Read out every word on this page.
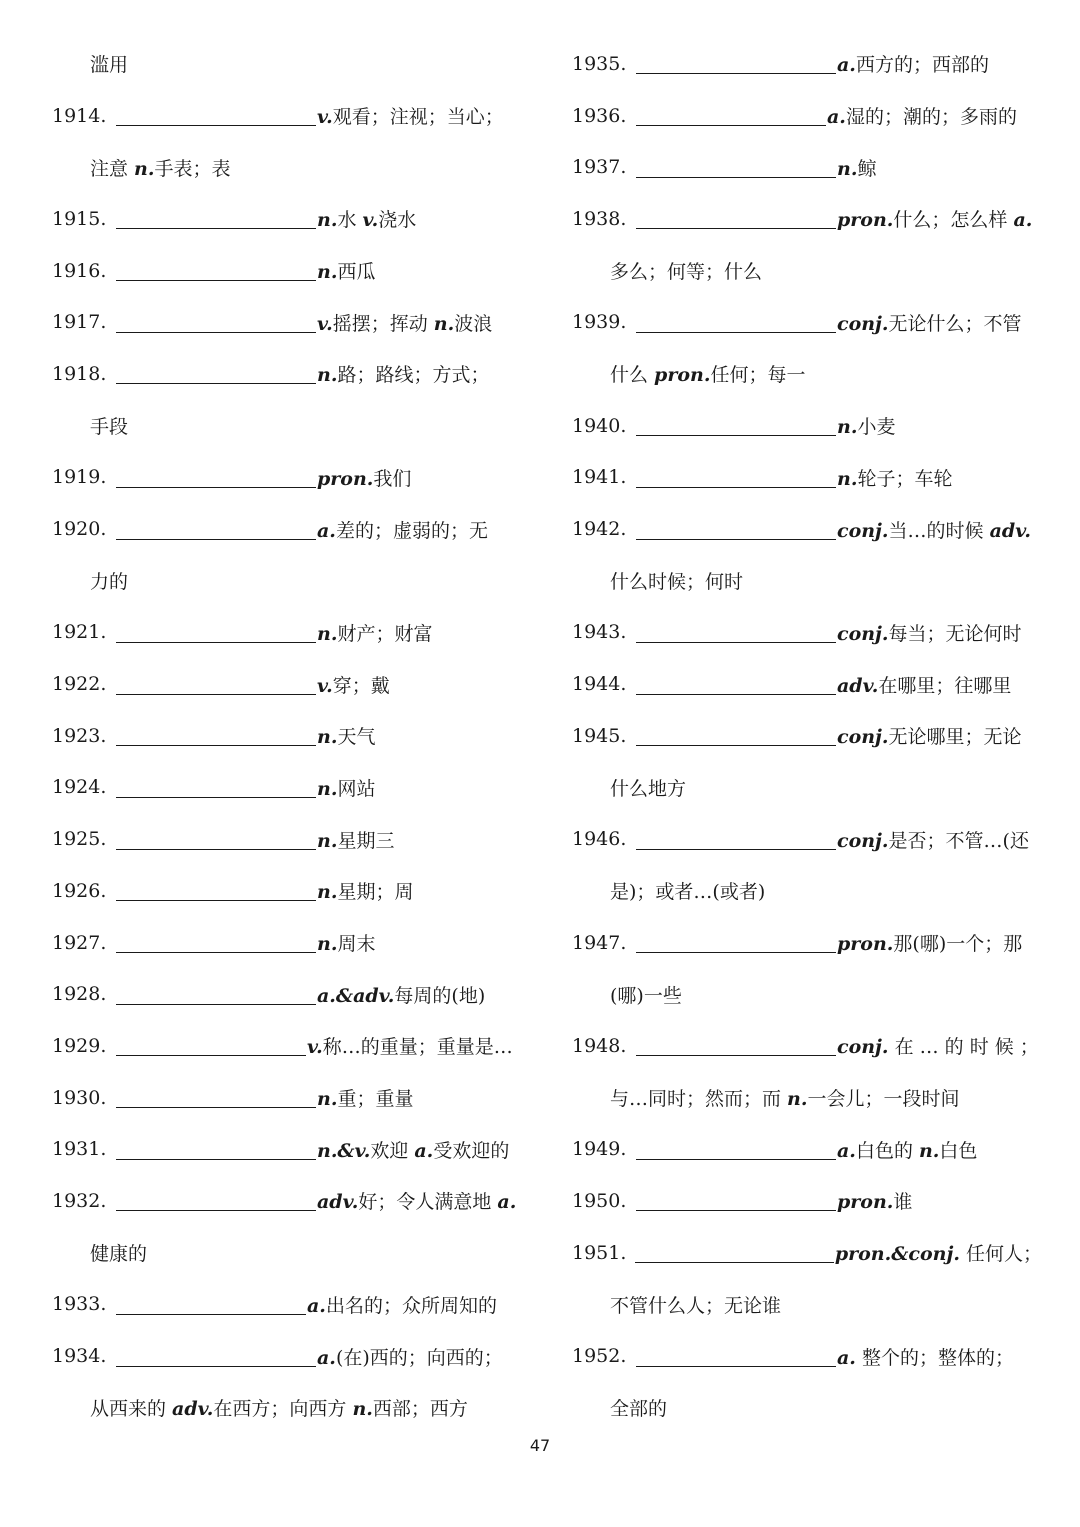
滥用
1914.	v.观看；注视；当心；
注意 n.手表；表
1915.	n.水 v.浇水
1916.	n.西瓜
1917.	v.摇摆；挥动 n.波浪
1918.	n.路；路线；方式；
手段
1919.	pron.我们
1920.	a.差的；虚弱的；无
力的
1921.	n.财产；财富
1922.	v.穿；戴
1923.	n.天气
1924.	n.网站
1925.	n.星期三
1926.	n.星期；周
1927.	n.周末
1928.	a.&adv.每周的(地)
1929.	v.称…的重量；重量是…
1930.	n.重；重量
1931.	n.&v.欢迎 a.受欢迎的
1932.	adv.好；令人满意地 a.
健康的
1933.	a.出名的；众所周知的
1934.	a.(在)西的；向西的；
从西来的 adv.在西方；向西方 n.西部；西方
1935.	a.西方的；西部的
1936.	a.湿的；潮的；多雨的
1937.	n.鲸
1938.	pron.什么；怎么样 a.
多么；何等；什么
1939.	conj.无论什么；不管
什么 pron.任何；每一
1940.	n.小麦
1941.	n.轮子；车轮
1942.	conj.当…的时候 adv.
什么时候；何时
1943.	conj.每当；无论何时
1944.	adv.在哪里；往哪里
1945.	conj.无论哪里；无论
什么地方
1946.	conj.是否；不管…(还
是)；或者…(或者)
1947.	pron.那(哪)一个；那
(哪)一些
1948.	conj. 在 … 的 时 候 ；
与…同时；然而；而 n.一会儿；一段时间
1949.	a.白色的 n.白色
1950.	pron.谁
1951.	pron.&conj. 任何人；
不管什么人；无论谁
1952.	a. 整个的；整体的；
全部的
47
